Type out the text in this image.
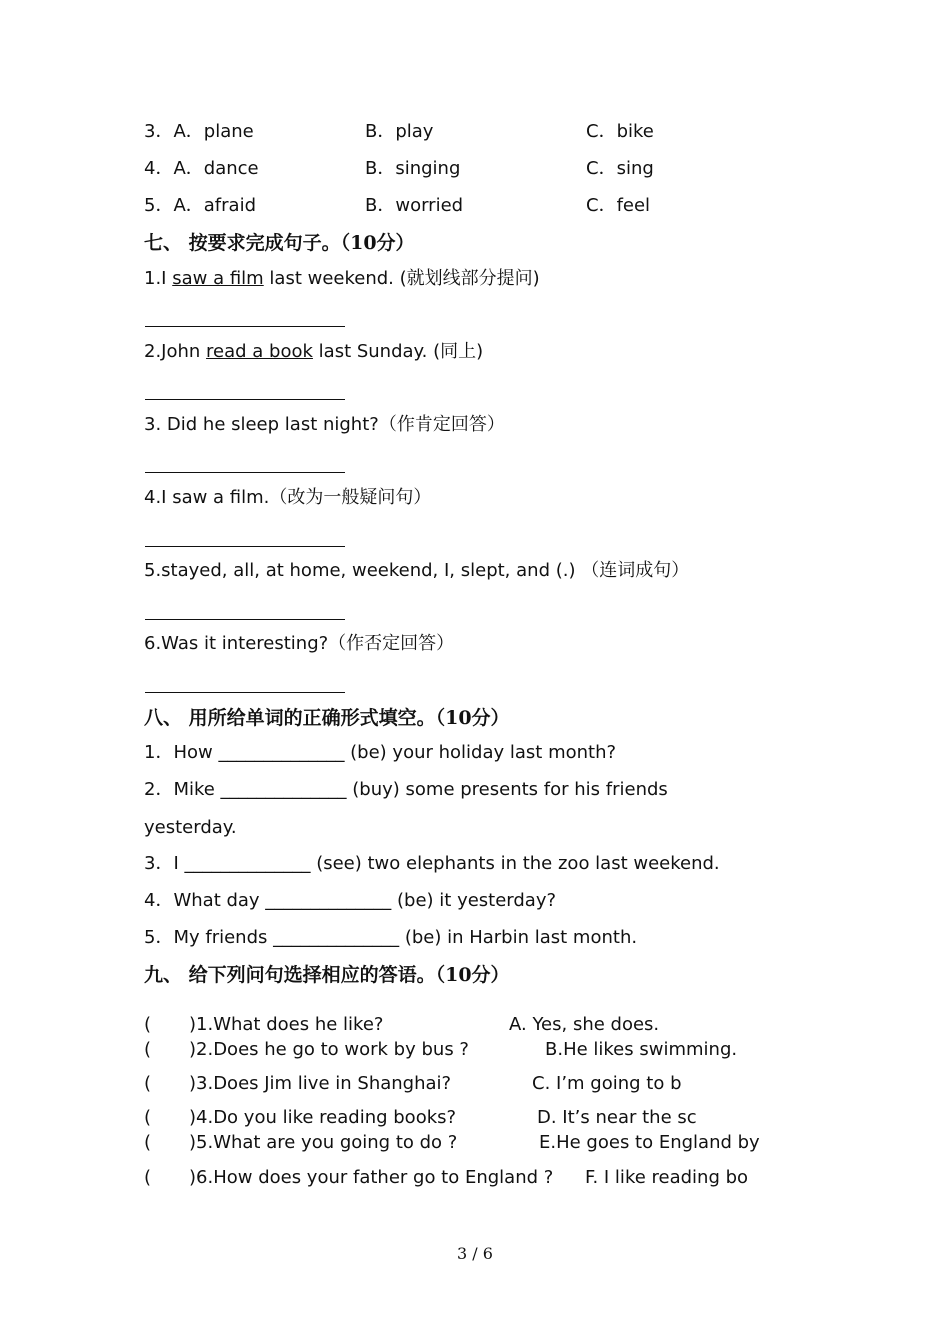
3．A．plane	B．play	C．bike
4．A．dance	B．singing	C．sing
5．A．afraid	B．worried	C．feel
七、 按要求完成句子。（10分）
1.I saw a film last weekend. (就划线部分提问)
2.John read a book last Sunday. (同上)
3. Did he sleep last night?（作肯定回答）
4.I saw a film.（改为一般疑问句）
5.stayed, all, at home, weekend, I, slept, and (.) （连词成句）
6.Was it interesting?（作否定回答）
八、 用所给单词的正确形式填空。（10分）
1．How ______________ (be) your holiday last month?
2．Mike ______________ (buy) some presents for his friends
yesterday.
3．I ______________ (see) two elephants in the zoo last weekend.
4．What day ______________ (be) it yesterday?
5．My friends ______________ (be) in Harbin last month.
九、 给下列问句选择相应的答语。（10分）
( )1.What does he like?	A. Yes, she does.
( )2.Does he go to work by bus ?	B.He likes swimming.
( )3.Does Jim live in Shanghai?	C. I’m going to b
( )4.Do you like reading books?	D. It’s near the sc
( )5.What are you going to do ?	E.He goes to England by
( )6.How does your father go to England ? F. I like reading bo
3 / 6
